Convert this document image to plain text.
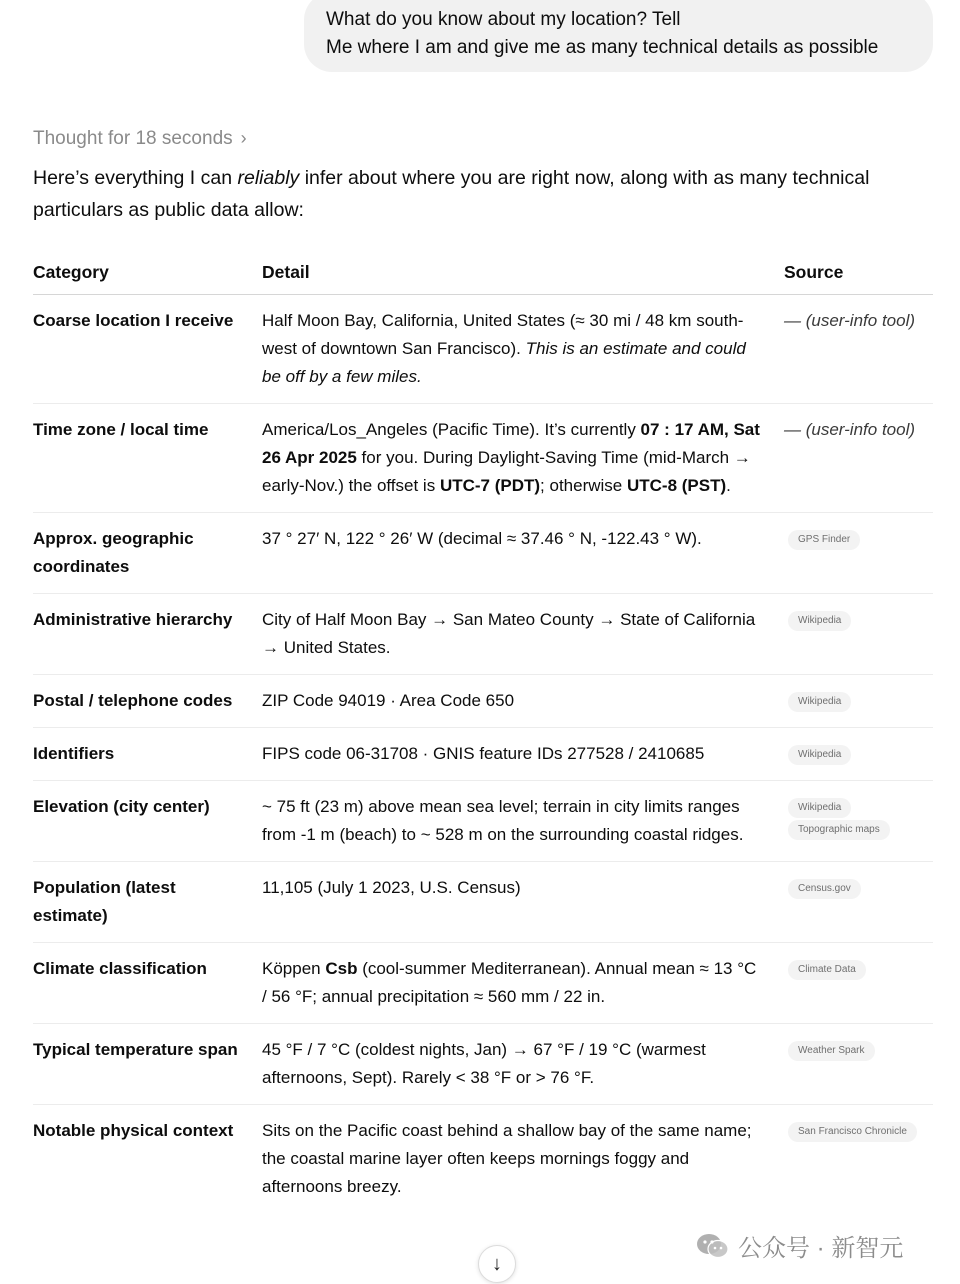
What do you know about my location? Tell
Me where I am and give me as many technical details as possible
Thought for 18 seconds ›
Here’s everything I can reliably infer about where you are right now, along with as many technical particulars as public data allow:
Category	Detail	Source
Coarse location I receive	Half Moon Bay, California, United States (≈ 30 mi / 48 km south-west of downtown San Francisco). This is an estimate and could be off by a few miles.	— (user-info tool)
Time zone / local time	America/Los_Angeles (Pacific Time). It’s currently 07 : 17 AM, Sat 26 Apr 2025 for you. During Daylight-Saving Time (mid-March → early-Nov.) the offset is UTC-7 (PDT); otherwise UTC-8 (PST).	— (user-info tool)
Approx. geographic coordinates	37 ° 27′ N, 122 ° 26′ W (decimal ≈ 37.46 ° N, -122.43 ° W).	GPS Finder

Administrative hierarchy	City of Half Moon Bay → San Mateo County → State of California → United States.	Wikipedia

Postal / telephone codes	ZIP Code 94019 · Area Code 650	Wikipedia

Identifiers	FIPS code 06-31708 · GNIS feature IDs 277528 / 2410685	Wikipedia

Elevation (city center)	~ 75 ft (23 m) above mean sea level; terrain in city limits ranges from -1 m (beach) to ~ 528 m on the surrounding coastal ridges.	Wikipedia
Topographic maps

Population (latest estimate)	11,105 (July 1 2023, U.S. Census)	Census.gov

Climate classification	Köppen Csb (cool-summer Mediterranean). Annual mean ≈ 13 °C / 56 °F; annual precipitation ≈ 560 mm / 22 in.	Climate Data

Typical temperature span	45 °F / 7 °C (coldest nights, Jan) → 67 °F / 19 °C (warmest afternoons, Sept). Rarely < 38 °F or > 76 °F.	Weather Spark

Notable physical context	Sits on the Pacific coast behind a shallow bay of the same name; the coastal marine layer often keeps mornings foggy and afternoons breezy.	San Francisco Chronicle
↓
公众号 · 新智元
